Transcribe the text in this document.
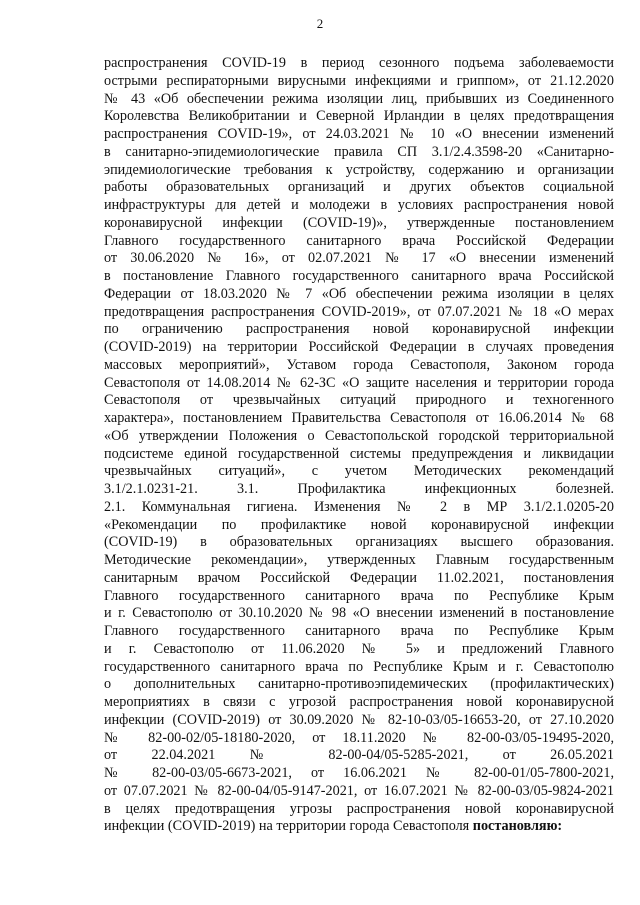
2
распространения COVID-19 в период сезонного подъема заболеваемости
острыми респираторными вирусными инфекциями и гриппом», от 21.12.2020
№ 43 «Об обеспечении режима изоляции лиц, прибывших из Соединенного
Королевства Великобритании и Северной Ирландии в целях предотвращения
распространения COVID-19», от 24.03.2021 № 10 «О внесении изменений
в санитарно-эпидемиологические правила СП 3.1/2.4.3598-20 «Санитарно-
эпидемиологические требования к устройству, содержанию и организации
работы образовательных организаций и других объектов социальной
инфраструктуры для детей и молодежи в условиях распространения новой
коронавирусной инфекции (COVID-19)», утвержденные постановлением
Главного государственного санитарного врача Российской Федерации
от 30.06.2020 № 16», от 02.07.2021 № 17 «О внесении изменений
в постановление Главного государственного санитарного врача Российской
Федерации от 18.03.2020 № 7 «Об обеспечении режима изоляции в целях
предотвращения распространения COVID-2019», от 07.07.2021 № 18 «О мерах
по ограничению распространения новой коронавирусной инфекции
(COVID-2019) на территории Российской Федерации в случаях проведения
массовых мероприятий», Уставом города Севастополя, Законом города
Севастополя от 14.08.2014 № 62-ЗС «О защите населения и территории города
Севастополя от чрезвычайных ситуаций природного и техногенного
характера», постановлением Правительства Севастополя от 16.06.2014 № 68
«Об утверждении Положения о Севастопольской городской территориальной
подсистеме единой государственной системы предупреждения и ликвидации
чрезвычайных ситуаций», с учетом Методических рекомендаций
3.1/2.1.0231-21. 3.1. Профилактика инфекционных болезней.
2.1. Коммунальная гигиена. Изменения № 2 в МР 3.1/2.1.0205-20
«Рекомендации по профилактике новой коронавирусной инфекции
(COVID-19) в образовательных организациях высшего образования.
Методические рекомендации», утвержденных Главным государственным
санитарным врачом Российской Федерации 11.02.2021, постановления
Главного государственного санитарного врача по Республике Крым
и г. Севастополю от 30.10.2020 № 98 «О внесении изменений в постановление
Главного государственного санитарного врача по Республике Крым
и г. Севастополю от 11.06.2020 № 5» и предложений Главного
государственного санитарного врача по Республике Крым и г. Севастополю
о дополнительных санитарно-противоэпидемических (профилактических)
мероприятиях в связи с угрозой распространения новой коронавирусной
инфекции (COVID-2019) от 30.09.2020 № 82-10-03/05-16653-20, от 27.10.2020
№ 82-00-02/05-18180-2020, от 18.11.2020 № 82-00-03/05-19495-2020,
от 22.04.2021 № 82-00-04/05-5285-2021, от 26.05.2021
№ 82-00-03/05-6673-2021, от 16.06.2021 № 82-00-01/05-7800-2021,
от 07.07.2021 № 82-00-04/05-9147-2021, от 16.07.2021 № 82-00-03/05-9824-2021
в целях предотвращения угрозы распространения новой коронавирусной
инфекции (COVID-2019) на территории города Севастополя постановляю:
